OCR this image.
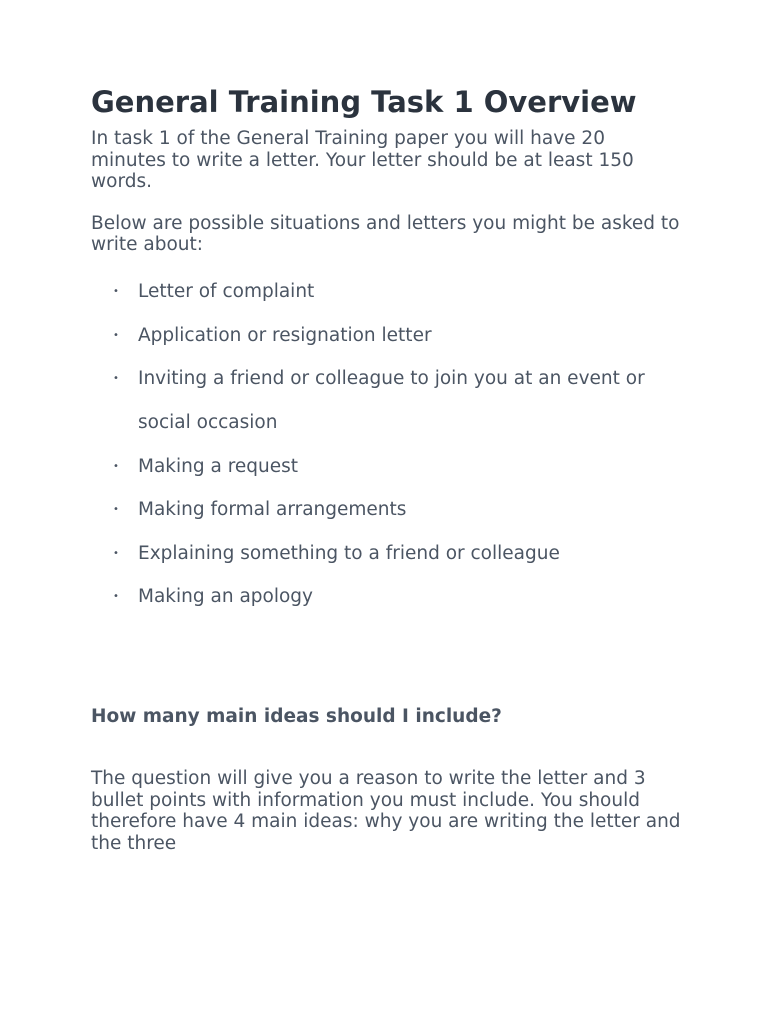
General Training Task 1 Overview

In task 1 of the General Training paper you will have 20 minutes to write a letter. Your letter should be at least 150 words.

Below are possible situations and letters you might be asked to write about:

• Letter of complaint
• Application or resignation letter
• Inviting a friend or colleague to join you at an event or social occasion
• Making a request
• Making formal arrangements
• Explaining something to a friend or colleague
• Making an apology
How many main ideas should I include?

The question will give you a reason to write the letter and 3 bullet points with information you must include. You should therefore have 4 main ideas: why you are writing the letter and the three
